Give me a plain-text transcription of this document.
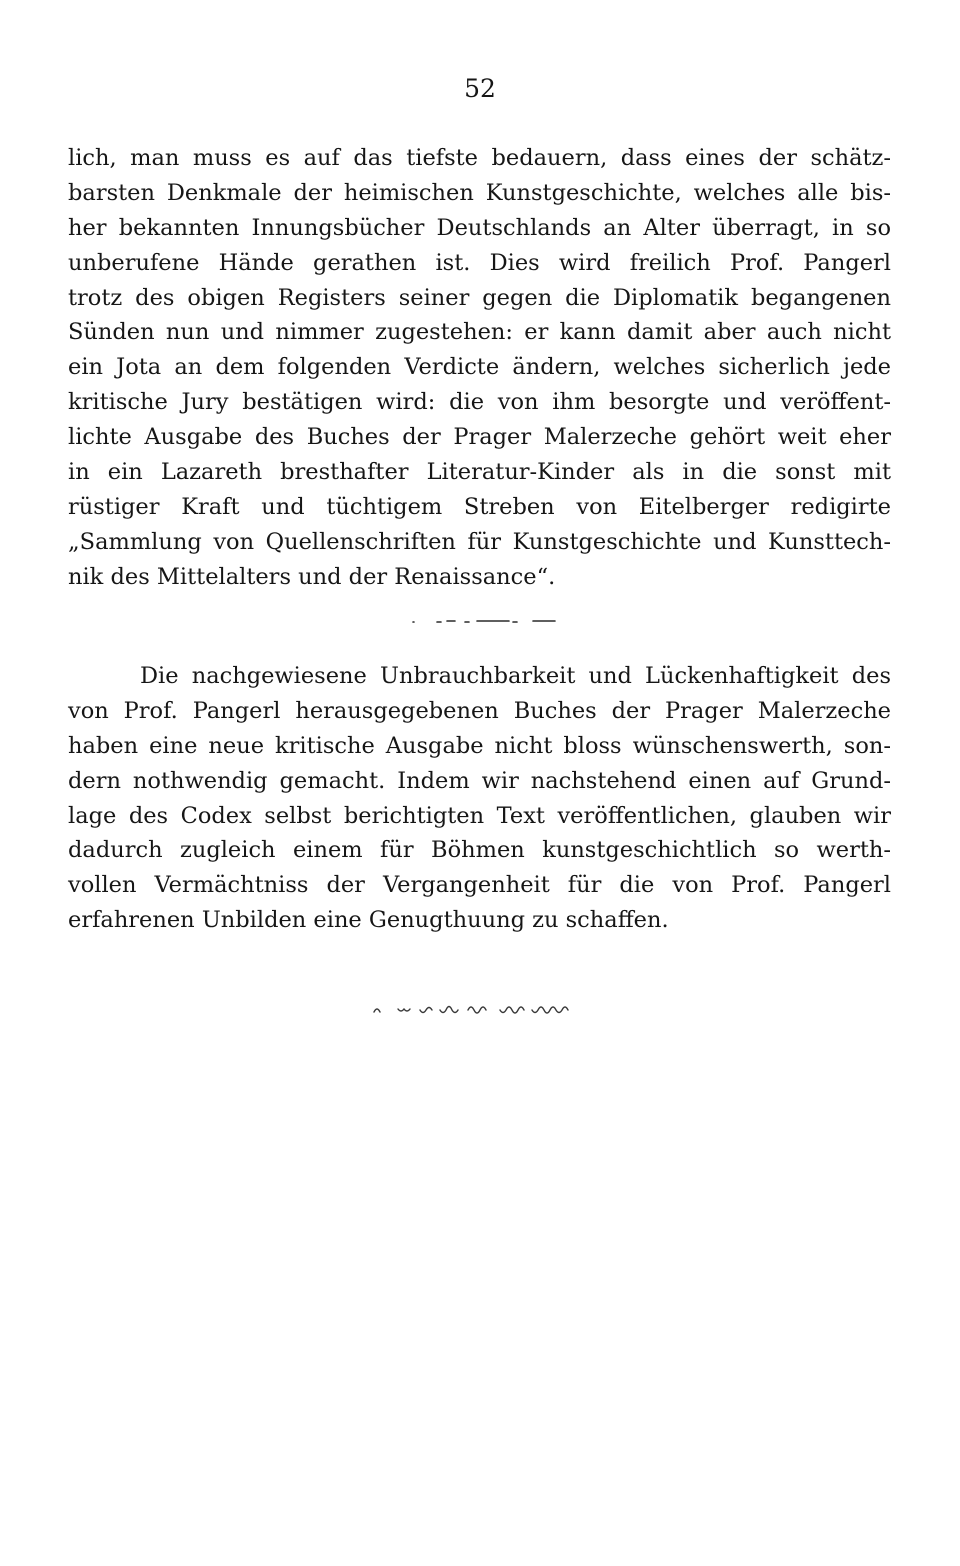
52
lich, man muss es auf das tiefste bedauern, dass eines der schätz-
barsten Denkmale der heimischen Kunstgeschichte, welches alle bis-
her bekannten Innungsbücher Deutschlands an Alter überragt, in so
unberufene Hände gerathen ist. Dies wird freilich Prof. Pangerl
trotz des obigen Registers seiner gegen die Diplomatik begangenen
Sünden nun und nimmer zugestehen: er kann damit aber auch nicht
ein Jota an dem folgenden Verdicte ändern, welches sicherlich jede
kritische Jury bestätigen wird: die von ihm besorgte und veröffent-
lichte Ausgabe des Buches der Prager Malerzeche gehört weit eher
in ein Lazareth bresthafter Literatur-Kinder als in die sonst mit
rüstiger Kraft und tüchtigem Streben von Eitelberger redigirte
„Sammlung von Quellenschriften für Kunstgeschichte und Kunsttech-
nik des Mittelalters und der Renaissance“.
Die nachgewiesene Unbrauchbarkeit und Lückenhaftigkeit des
von Prof. Pangerl herausgegebenen Buches der Prager Malerzeche
haben eine neue kritische Ausgabe nicht bloss wünschenswerth, son-
dern nothwendig gemacht. Indem wir nachstehend einen auf Grund-
lage des Codex selbst berichtigten Text veröffentlichen, glauben wir
dadurch zugleich einem für Böhmen kunstgeschichtlich so werth-
vollen Vermächtniss der Vergangenheit für die von Prof. Pangerl
erfahrenen Unbilden eine Genugthuung zu schaffen.
